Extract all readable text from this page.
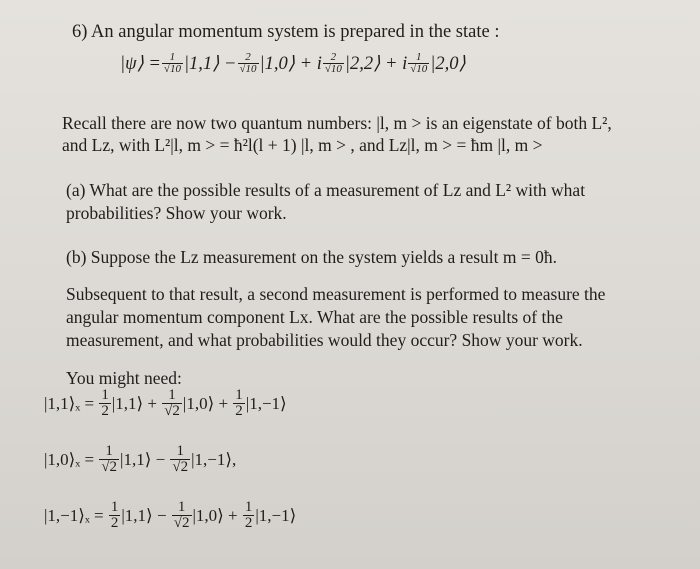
6) An angular momentum system is prepared in the state :
|ψ⟩ = $\frac{1}{√10}$ |1,1⟩ − $\frac{2}{√10}$ |1,0⟩ + i $\frac{2}{√10}$ |2,2⟩ + i $\frac{1}{√10}$ |2,0⟩
Recall there are now two quantum numbers: |l, m > is an eigenstate of both L²,
and Lz, with L²|l, m > = ħ²l(l + 1) |l, m > , and Lz|l, m > = ħm |l, m >
(a) What are the possible results of a measurement of Lz and L² with what
probabilities? Show your work.
(b) Suppose the Lz measurement on the system yields a result m = 0ħ.
Subsequent to that result, a second measurement is performed to measure the
angular momentum component Lx. What are the possible results of the
measurement, and what probabilities would they occur? Show your work.
You might need:
|1,1⟩ₓ = $\frac{1}{2}$ |1,1⟩ + $\frac{1}{√2}$ |1,0⟩ + $\frac{1}{2}$ |1,−1⟩
|1,0⟩ₓ = $\frac{1}{√2}$ |1,1⟩ − $\frac{1}{√2}$ |1,−1⟩,
|1,−1⟩ₓ = $\frac{1}{2}$ |1,1⟩ − $\frac{1}{√2}$ |1,0⟩ + $\frac{1}{2}$ |1,−1⟩
